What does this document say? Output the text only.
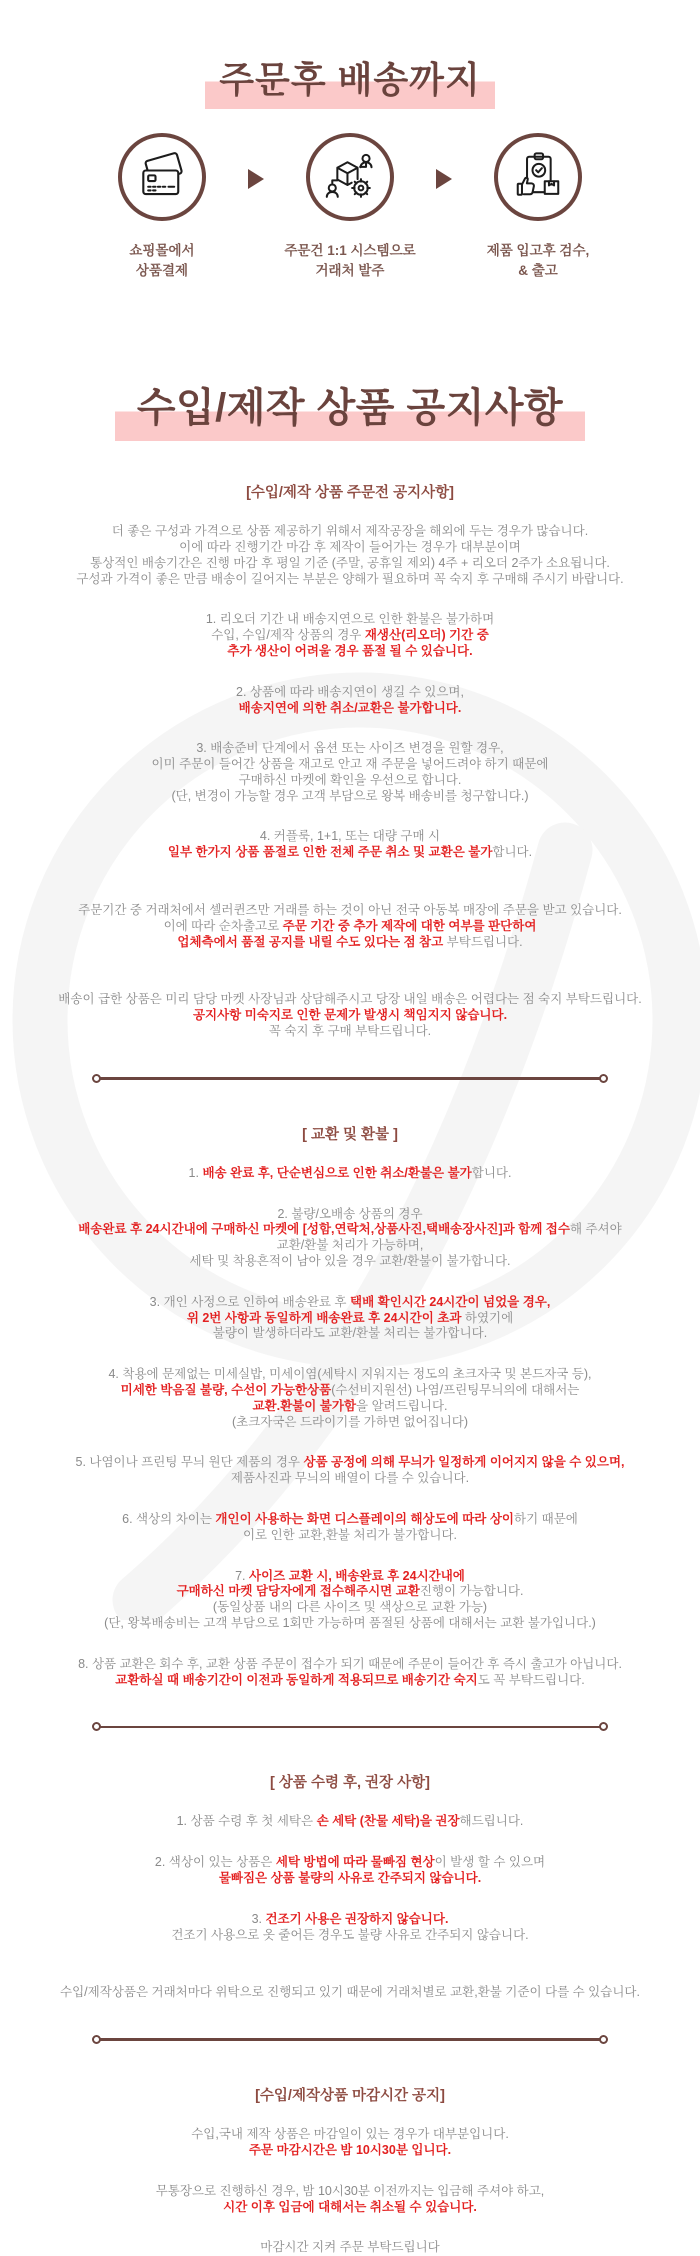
주문후 배송까지
쇼핑몰에서
상품결제
주문건 1:1 시스템으로
거래처 발주
제품 입고후 검수,
& 출고
수입/제작 상품 공지사항
[수입/제작 상품 주문전 공지사항]

더 좋은 구성과 가격으로 상품 제공하기 위해서 제작공장을 해외에 두는 경우가 많습니다.
이에 따라 진행기간 마감 후 제작이 들어가는 경우가 대부분이며
통상적인 배송기간은 진행 마감 후 평일 기준 (주말, 공휴일 제외) 4주 + 리오더 2주가 소요됩니다.
구성과 가격이 좋은 만큼 배송이 길어지는 부분은 양해가 필요하며 꼭 숙지 후 구매해 주시기 바랍니다.

1. 리오더 기간 내 배송지연으로 인한 환불은 불가하며
수입, 수입/제작 상품의 경우 재생산(리오더) 기간 중
추가 생산이 어려울 경우 품절 될 수 있습니다.

2. 상품에 따라 배송지연이 생길 수 있으며,
배송지연에 의한 취소/교환은 불가합니다.

3. 배송준비 단계에서 옵션 또는 사이즈 변경을 원할 경우,
이미 주문이 들어간 상품을 재고로 안고 재 주문을 넣어드려야 하기 때문에
구매하신 마켓에 확인을 우선으로 합니다.
(단, 변경이 가능할 경우 고객 부담으로 왕복 배송비를 청구합니다.)

4. 커플룩, 1+1, 또는 대량 구매 시
일부 한가지 상품 품절로 인한 전체 주문 취소 및 교환은 불가합니다.

주문기간 중 거래처에서 셀러퀸즈만 거래를 하는 것이 아닌 전국 아동복 매장에 주문을 받고 있습니다.
이에 따라 순차출고로 주문 기간 중 추가 제작에 대한 여부를 판단하여
업체측에서 품절 공지를 내릴 수도 있다는 점 참고 부탁드립니다.

배송이 급한 상품은 미리 담당 마켓 사장님과 상담해주시고 당장 내일 배송은 어렵다는 점 숙지 부탁드립니다.
공지사항 미숙지로 인한 문제가 발생시 책임지지 않습니다.
꼭 숙지 후 구매 부탁드립니다.

[ 교환 및 환불 ]

1. 배송 완료 후, 단순변심으로 인한 취소/환불은 불가합니다.

2. 불량/오배송 상품의 경우
배송완료 후 24시간내에 구매하신 마켓에 [성함,연락처,상품사진,택배송장사진]과 함께 접수해 주셔야
교환/환불 처리가 가능하며,
세탁 및 착용흔적이 남아 있을 경우 교환/환불이 불가합니다.

3. 개인 사정으로 인하여 배송완료 후 택배 확인시간 24시간이 넘었을 경우,
위 2번 사항과 동일하게 배송완료 후 24시간이 초과 하였기에
불량이 발생하더라도 교환/환불 처리는 불가합니다.

4. 착용에 문제없는 미세실밥, 미세이염(세탁시 지워지는 정도의 초크자국 및 본드자국 등),
미세한 박음질 불량, 수선이 가능한상품(수선비지원선) 나염/프린팅무늬의에 대해서는
교환.환불이 불가함을 알려드립니다.
(초크자국은 드라이기를 가하면 없어집니다)

5. 나염이나 프린팅 무늬 원단 제품의 경우 상품 공정에 의해 무늬가 일정하게 이어지지 않을 수 있으며,
제품사진과 무늬의 배열이 다를 수 있습니다.

6. 색상의 차이는 개인이 사용하는 화면 디스플레이의 해상도에 따라 상이하기 때문에
이로 인한 교환,환불 처리가 불가합니다.

7. 사이즈 교환 시, 배송완료 후 24시간내에
구매하신 마켓 담당자에게 접수해주시면 교환진행이 가능합니다.
(동일상품 내의 다른 사이즈 및 색상으로 교환 가능)
(단, 왕복배송비는 고객 부담으로 1회만 가능하며 품절된 상품에 대해서는 교환 불가입니다.)

8. 상품 교환은 회수 후, 교환 상품 주문이 접수가 되기 때문에 주문이 들어간 후 즉시 출고가 아닙니다.
교환하실 때 배송기간이 이전과 동일하게 적용되므로 배송기간 숙지도 꼭 부탁드립니다.

[ 상품 수령 후, 권장 사항]

1. 상품 수령 후 첫 세탁은 손 세탁 (찬물 세탁)을 권장해드립니다.

2. 색상이 있는 상품은 세탁 방법에 따라 물빠짐 현상이 발생 할 수 있으며
물빠짐은 상품 불량의 사유로 간주되지 않습니다.

3. 건조기 사용은 권장하지 않습니다.
건조기 사용으로 옷 줄어든 경우도 불량 사유로 간주되지 않습니다.

수입/제작상품은 거래처마다 위탁으로 진행되고 있기 때문에 거래처별로 교환,환불 기준이 다를 수 있습니다.

[수입/제작상품 마감시간 공지]

수입,국내 제작 상품은 마감일이 있는 경우가 대부분입니다.
주문 마감시간은 밤 10시30분 입니다.

무통장으로 진행하신 경우, 밤 10시30분 이전까지는 입금해 주셔야 하고,
시간 이후 입금에 대해서는 취소될 수 있습니다.

마감시간 지켜 주문 부탁드립니다
